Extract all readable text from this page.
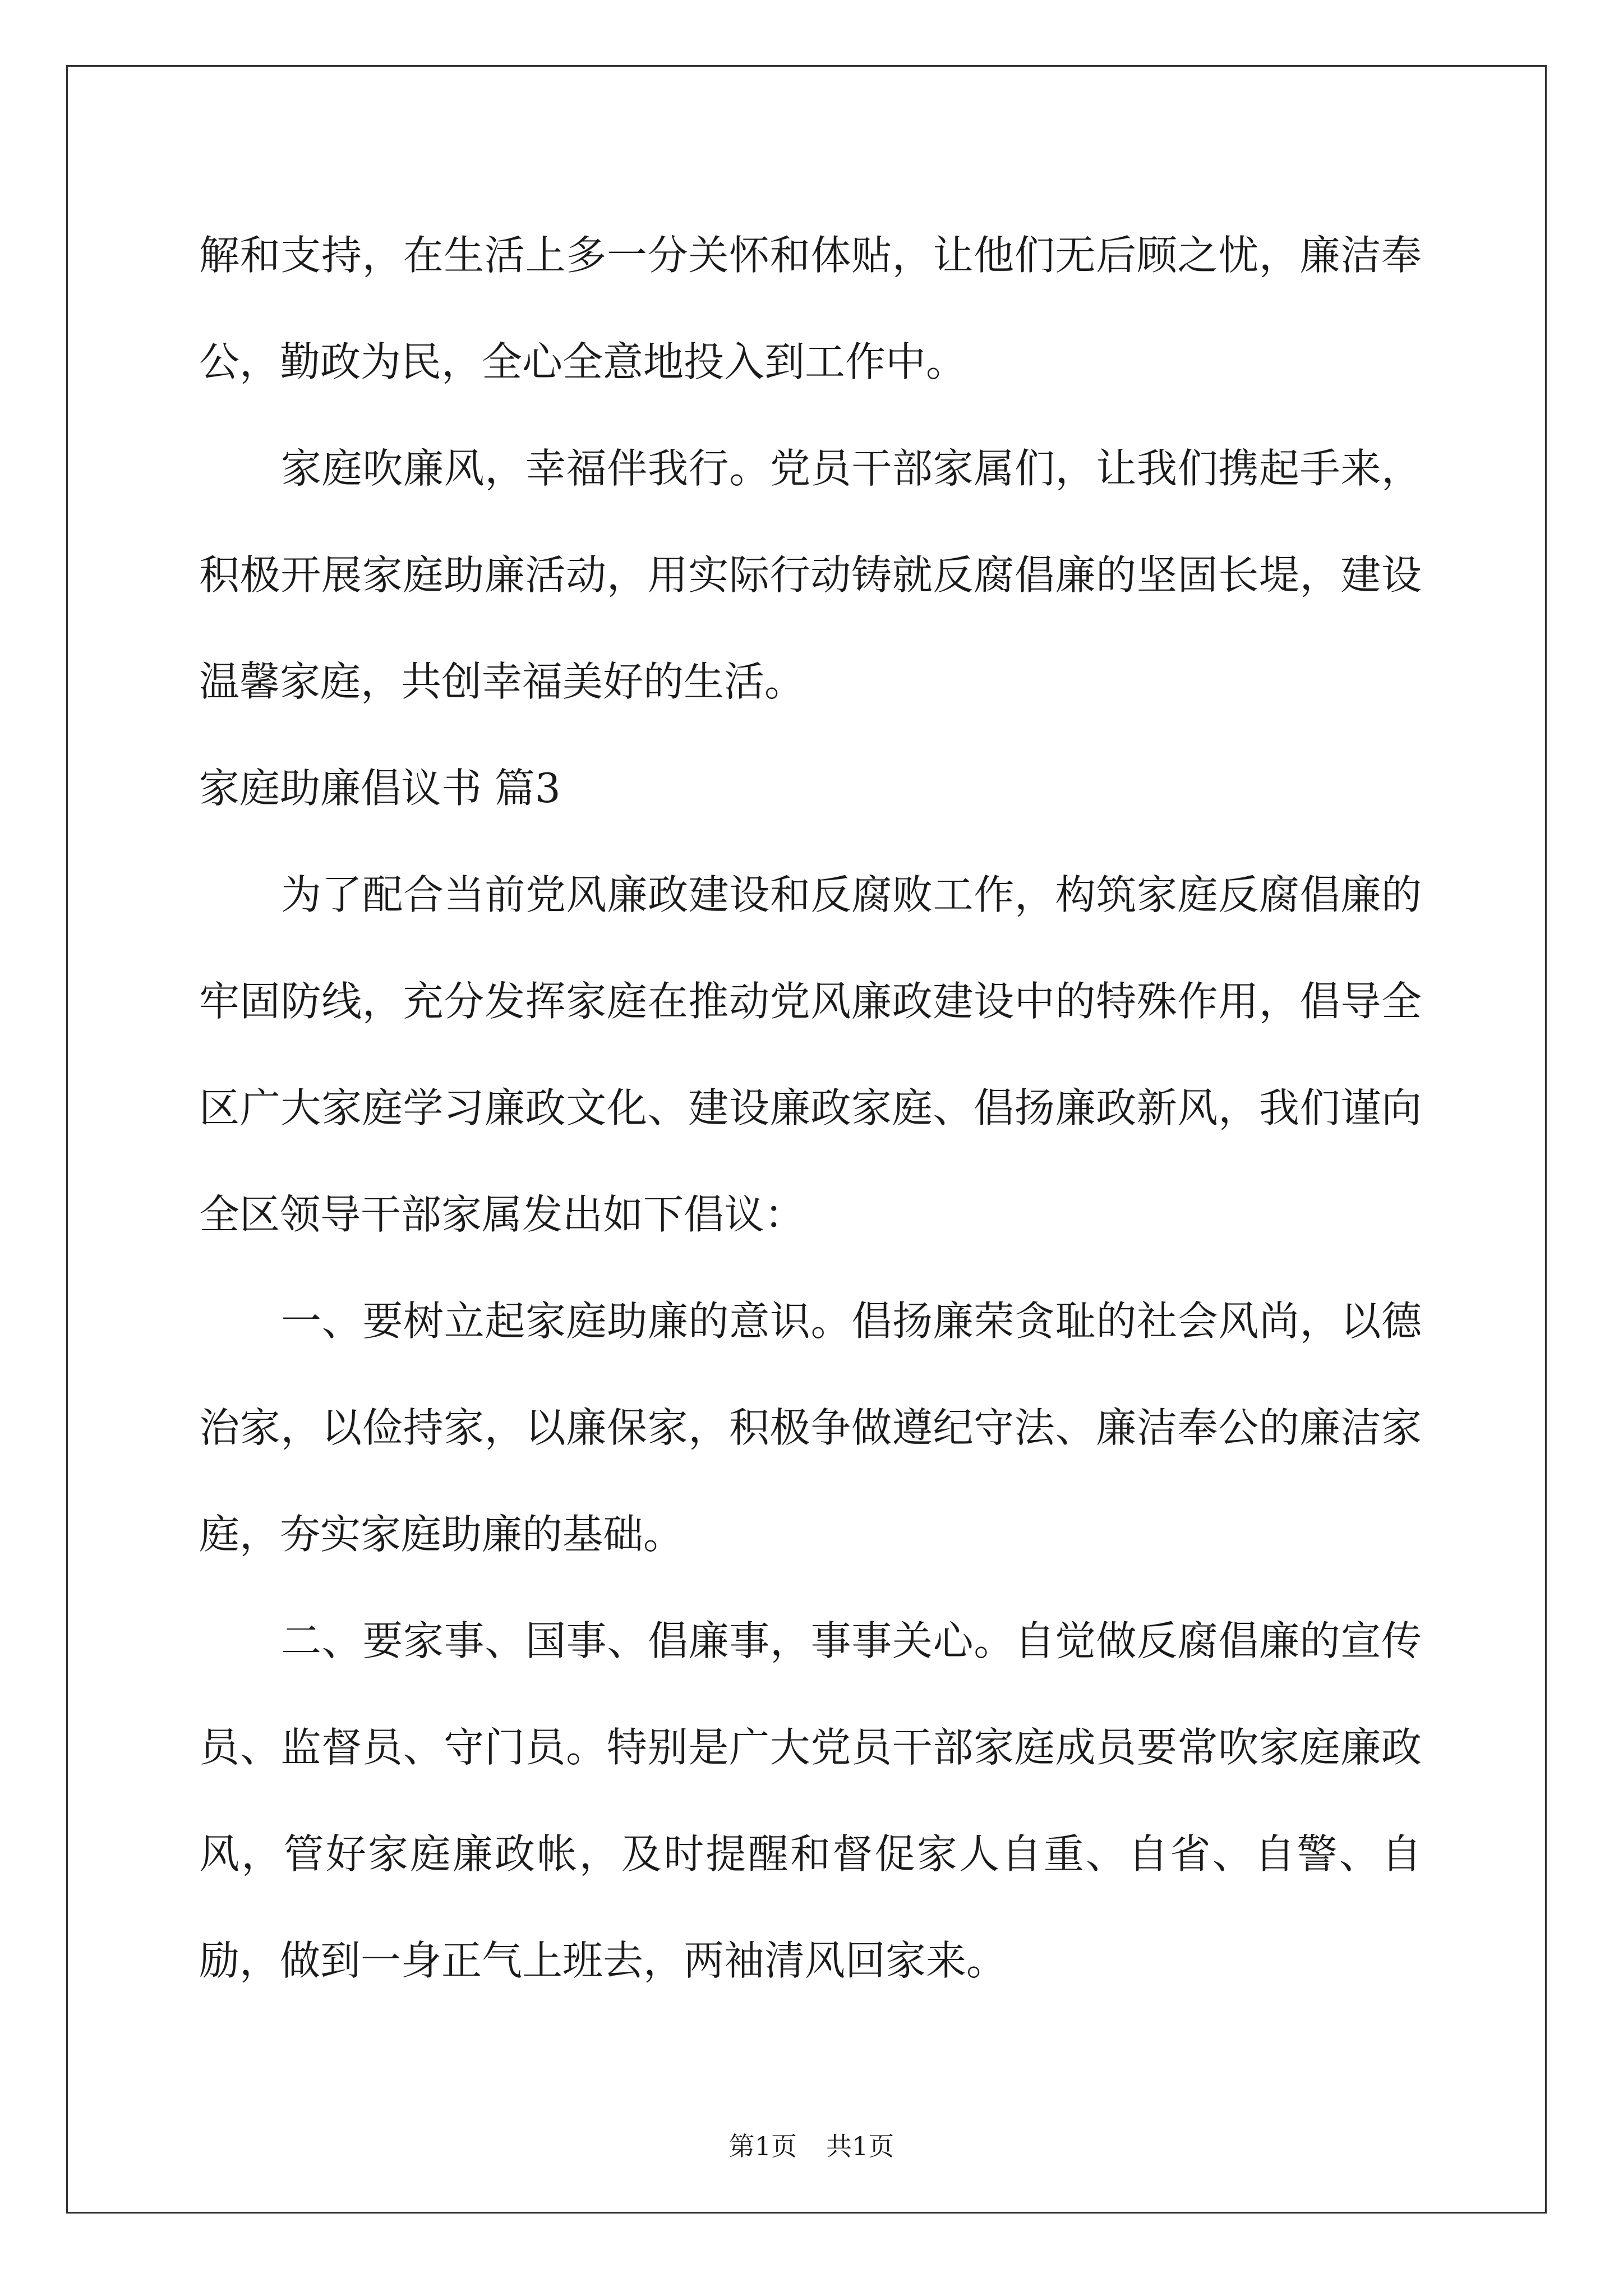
解和支持，在生活上多一分关怀和体贴，让他们无后顾之忧，廉洁奉公，勤政为民，全心全意地投入到工作中。

家庭吹廉风，幸福伴我行。党员干部家属们，让我们携起手来，积极开展家庭助廉活动，用实际行动铸就反腐倡廉的坚固长堤，建设温馨家庭，共创幸福美好的生活。

家庭助廉倡议书 篇3

为了配合当前党风廉政建设和反腐败工作，构筑家庭反腐倡廉的牢固防线，充分发挥家庭在推动党风廉政建设中的特殊作用，倡导全区广大家庭学习廉政文化、建设廉政家庭、倡扬廉政新风，我们谨向全区领导干部家属发出如下倡议：

一、要树立起家庭助廉的意识。倡扬廉荣贪耻的社会风尚，以德治家，以俭持家，以廉保家，积极争做遵纪守法、廉洁奉公的廉洁家庭，夯实家庭助廉的基础。

二、要家事、国事、倡廉事，事事关心。自觉做反腐倡廉的宣传员、监督员、守门员。特别是广大党员干部家庭成员要常吹家庭廉政风，管好家庭廉政帐，及时提醒和督促家人自重、自省、自警、自励，做到一身正气上班去，两袖清风回家来。

第1页 共1页
